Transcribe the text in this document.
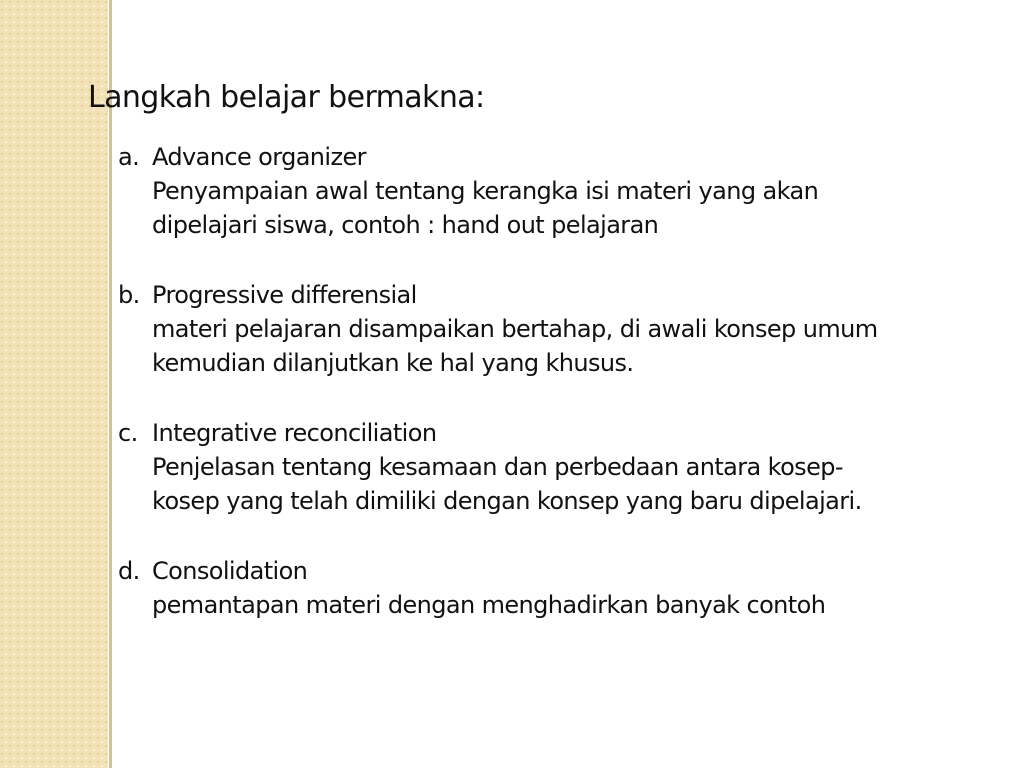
Langkah belajar bermakna:
a. Advance organizer
Penyampaian awal tentang kerangka isi materi yang akan
dipelajari siswa, contoh : hand out pelajaran
b. Progressive differensial
materi pelajaran disampaikan bertahap, di awali konsep umum
kemudian dilanjutkan ke hal yang khusus.
c. Integrative reconciliation
Penjelasan tentang kesamaan dan perbedaan antara kosep-
kosep yang telah dimiliki dengan konsep yang baru dipelajari.
d. Consolidation
pemantapan materi dengan menghadirkan banyak contoh
